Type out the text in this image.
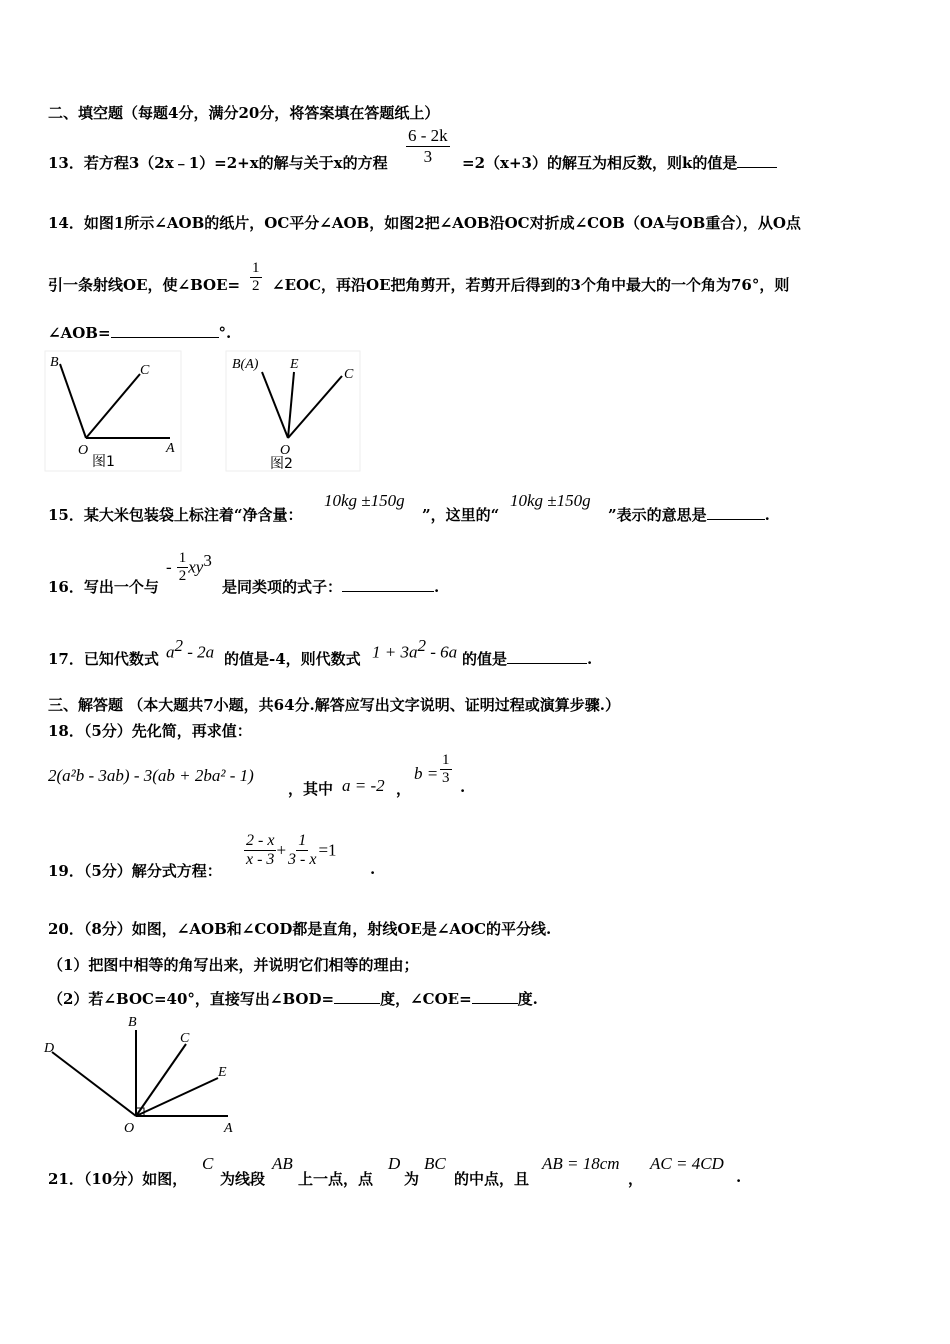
二、填空题（每题4分，满分20分，将答案填在答题纸上）
13．若方程3（2x﹣1）=2+x的解与关于x的方程 $\frac{6 - 2k}{3} =2(x+3)$的解互为相反数，则k的值是
14．如图1所示∠AOB的纸片，OC平分∠AOB，如图2把∠AOB沿OC对折成∠COB（OA与OB重合），从O点
引一条射线OE，使∠BOE= $\frac{1}{2}$ ∠EOC，再沿OE把角剪开，若剪开后得到的3个角中最大的一个角为76°，则
∠AOB=	°.
B
C
O	A
图1
B(A) E
C
O
图2
15．某大米包装袋上标注着“净含量：
10kg ±150g
”，这里的“
10kg ±150g
”表示的意思是	.
16．写出一个与
- $\frac{1}{2} xy^3$
是同类项的式子：	.
17．已知代数式 $a^2 - 2a$ 的值是-4，则代数式 $1 + 3a^2 - 6a$ 的值是	.
三、解答题 （本大题共7小题，共64分.解答应写出文字说明、证明过程或演算步骤.）
18．（5分）先化简，再求值：
2(a²b - 3ab) - 3(ab + 2ba² - 1)
，其中 a = -2 ，
$b = \frac{1}{3}$ .
19．（5分）解分式方程：
$\frac{2 - x}{x - 3} + \frac{1}{3 - x} =1$
.
20．（8分）如图，∠AOB和∠COD都是直角，射线OE是∠AOC的平分线.
（1）把图中相等的角写出来，并说明它们相等的理由；
（2）若∠BOC=40°，直接写出∠BOD=	度，∠COE=	度.
B
C
D
E
O	A
21．（10分）如图，
C
为线段
AB
上一点，点
D
为
BC
的中点，且
AB = 18cm
，
AC = 4CD
.
